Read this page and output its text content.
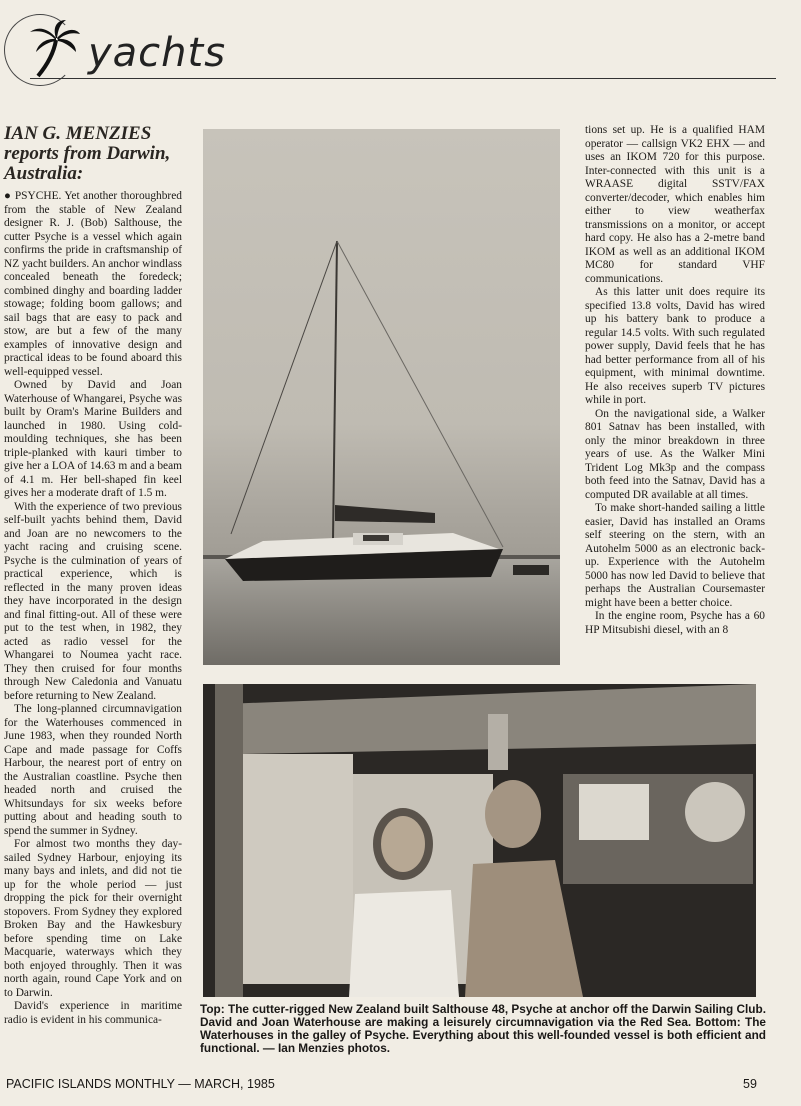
yachts
IAN G. MENZIES reports from Darwin, Australia:

● PSYCHE. Yet another thoroughbred from the stable of New Zealand designer R. J. (Bob) Salthouse, the cutter Psyche is a vessel which again confirms the pride in craftsmanship of NZ yacht builders. An anchor windlass concealed beneath the foredeck; combined dinghy and boarding ladder stowage; folding boom gallows; and sail bags that are easy to pack and stow, are but a few of the many examples of innovative design and practical ideas to be found aboard this well-equipped vessel.

Owned by David and Joan Waterhouse of Whangarei, Psyche was built by Oram's Marine Builders and launched in 1980. Using cold-moulding techniques, she has been triple-planked with kauri timber to give her a LOA of 14.63 m and a beam of 4.1 m. Her bell-shaped fin keel gives her a moderate draft of 1.5 m.

With the experience of two previous self-built yachts behind them, David and Joan are no newcomers to the yacht racing and cruising scene. Psyche is the culmination of years of practical experience, which is reflected in the many proven ideas they have incorporated in the design and final fitting-out. All of these were put to the test when, in 1982, they acted as radio vessel for the Whangarei to Noumea yacht race. They then cruised for four months through New Caledonia and Vanuatu before returning to New Zealand.

The long-planned circumnavigation for the Waterhouses commenced in June 1983, when they rounded North Cape and made passage for Coffs Harbour, the nearest port of entry on the Australian coastline. Psyche then headed north and cruised the Whitsundays for six weeks before putting about and heading south to spend the summer in Sydney.

For almost two months they day-sailed Sydney Harbour, enjoying its many bays and inlets, and did not tie up for the whole period — just dropping the pick for their overnight stopovers. From Sydney they explored Broken Bay and the Hawkesbury before spending time on Lake Macquarie, waterways which they both enjoyed throughly. Then it was north again, round Cape York and on to Darwin.

David's experience in maritime radio is evident in his communica-

tions set up. He is a qualified HAM operator — callsign VK2 EHX — and uses an IKOM 720 for this purpose. Inter-connected with this unit is a WRAASE digital SSTV/FAX converter/decoder, which enables him either to view weatherfax transmissions on a monitor, or accept hard copy. He also has a 2-metre band IKOM as well as an additional IKOM MC80 for standard VHF communications.

As this latter unit does require its specified 13.8 volts, David has wired up his battery bank to produce a regular 14.5 volts. With such regulated power supply, David feels that he has had better performance from all of his equipment, with minimal downtime. He also receives superb TV pictures while in port.

On the navigational side, a Walker 801 Satnav has been installed, with only the minor breakdown in three years of use. As the Walker Mini Trident Log Mk3p and the compass both feed into the Satnav, David has a computed DR available at all times.

To make short-handed sailing a little easier, David has installed an Orams self steering on the stern, with an Autohelm 5000 as an electronic back-up. Experience with the Autohelm 5000 has now led David to believe that perhaps the Australian Coursemaster might have been a better choice.

In the engine room, Psyche has a 60 HP Mitsubishi diesel, with an 8

Top: The cutter-rigged New Zealand built Salthouse 48, Psyche at anchor off the Darwin Sailing Club. David and Joan Waterhouse are making a leisurely circumnavigation via the Red Sea. Bottom: The Waterhouses in the galley of Psyche. Everything about this well-founded vessel is both efficient and functional. — Ian Menzies photos.

PACIFIC ISLANDS MONTHLY — MARCH, 1985	59
